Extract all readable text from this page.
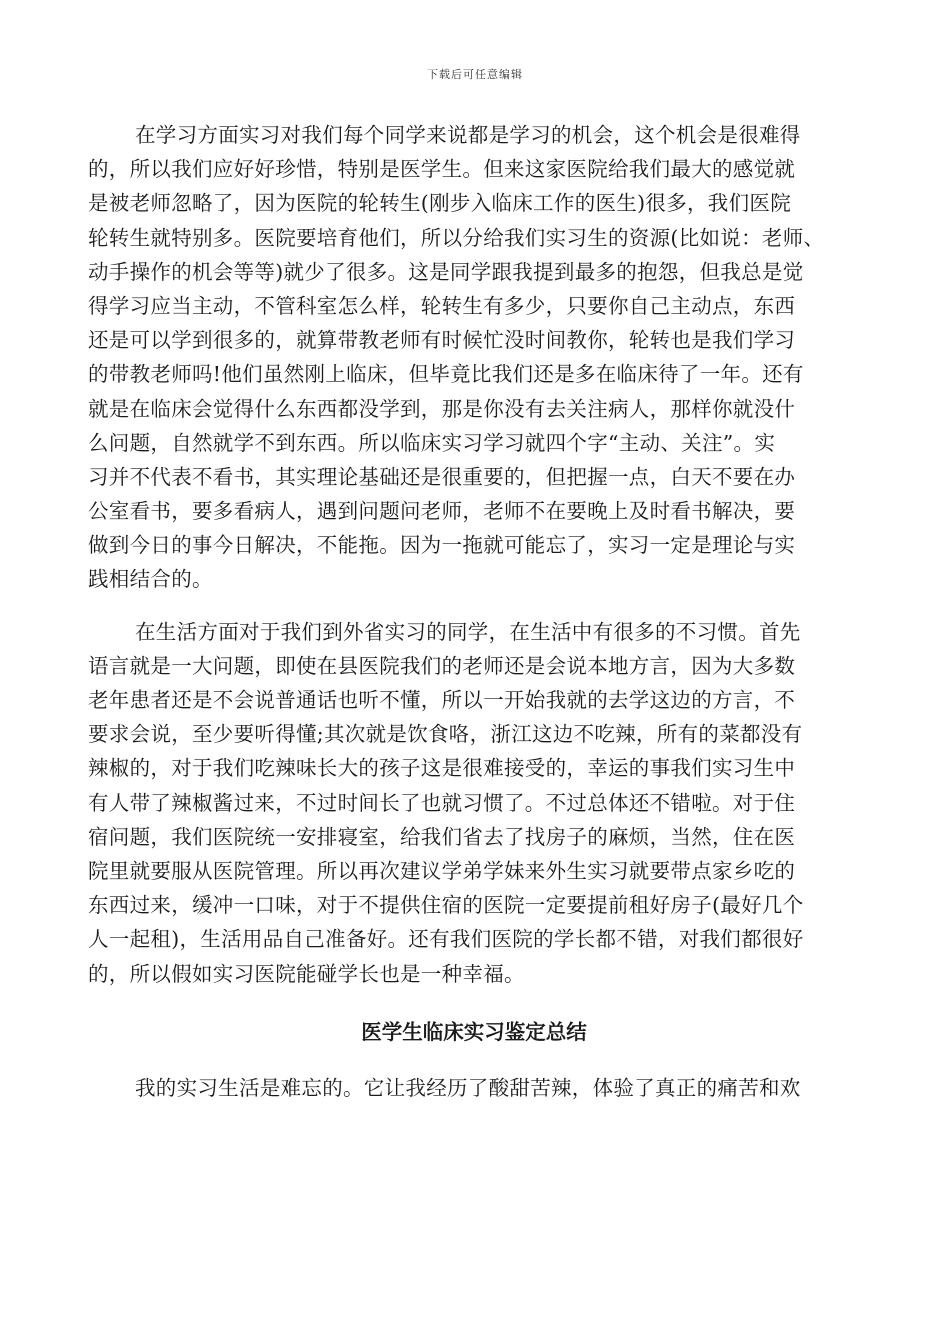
下载后可任意编辑
在学习方面实习对我们每个同学来说都是学习的机会，这个机会是很难得
的，所以我们应好好珍惜，特别是医学生。但来这家医院给我们最大的感觉就
是被老师忽略了，因为医院的轮转生(刚步入临床工作的医生)很多，我们医院
轮转生就特别多。医院要培育他们，所以分给我们实习生的资源(比如说：老师、
动手操作的机会等等)就少了很多。这是同学跟我提到最多的抱怨，但我总是觉
得学习应当主动，不管科室怎么样，轮转生有多少，只要你自己主动点，东西
还是可以学到很多的，就算带教老师有时候忙没时间教你，轮转也是我们学习
的带教老师吗!他们虽然刚上临床，但毕竟比我们还是多在临床待了一年。还有
就是在临床会觉得什么东西都没学到，那是你没有去关注病人，那样你就没什
么问题，自然就学不到东西。所以临床实习学习就四个字“主动、关注”。实
习并不代表不看书，其实理论基础还是很重要的，但把握一点，白天不要在办
公室看书，要多看病人，遇到问题问老师，老师不在要晚上及时看书解决，要
做到今日的事今日解决，不能拖。因为一拖就可能忘了，实习一定是理论与实
践相结合的。
在生活方面对于我们到外省实习的同学，在生活中有很多的不习惯。首先
语言就是一大问题，即使在县医院我们的老师还是会说本地方言，因为大多数
老年患者还是不会说普通话也听不懂，所以一开始我就的去学这边的方言，不
要求会说，至少要听得懂;其次就是饮食咯，浙江这边不吃辣，所有的菜都没有
辣椒的，对于我们吃辣味长大的孩子这是很难接受的，幸运的事我们实习生中
有人带了辣椒酱过来，不过时间长了也就习惯了。不过总体还不错啦。对于住
宿问题，我们医院统一安排寝室，给我们省去了找房子的麻烦，当然，住在医
院里就要服从医院管理。所以再次建议学弟学妹来外生实习就要带点家乡吃的
东西过来，缓冲一口味，对于不提供住宿的医院一定要提前租好房子(最好几个
人一起租)，生活用品自己准备好。还有我们医院的学长都不错，对我们都很好
的，所以假如实习医院能碰学长也是一种幸福。
医学生临床实习鉴定总结
我的实习生活是难忘的。它让我经历了酸甜苦辣，体验了真正的痛苦和欢
